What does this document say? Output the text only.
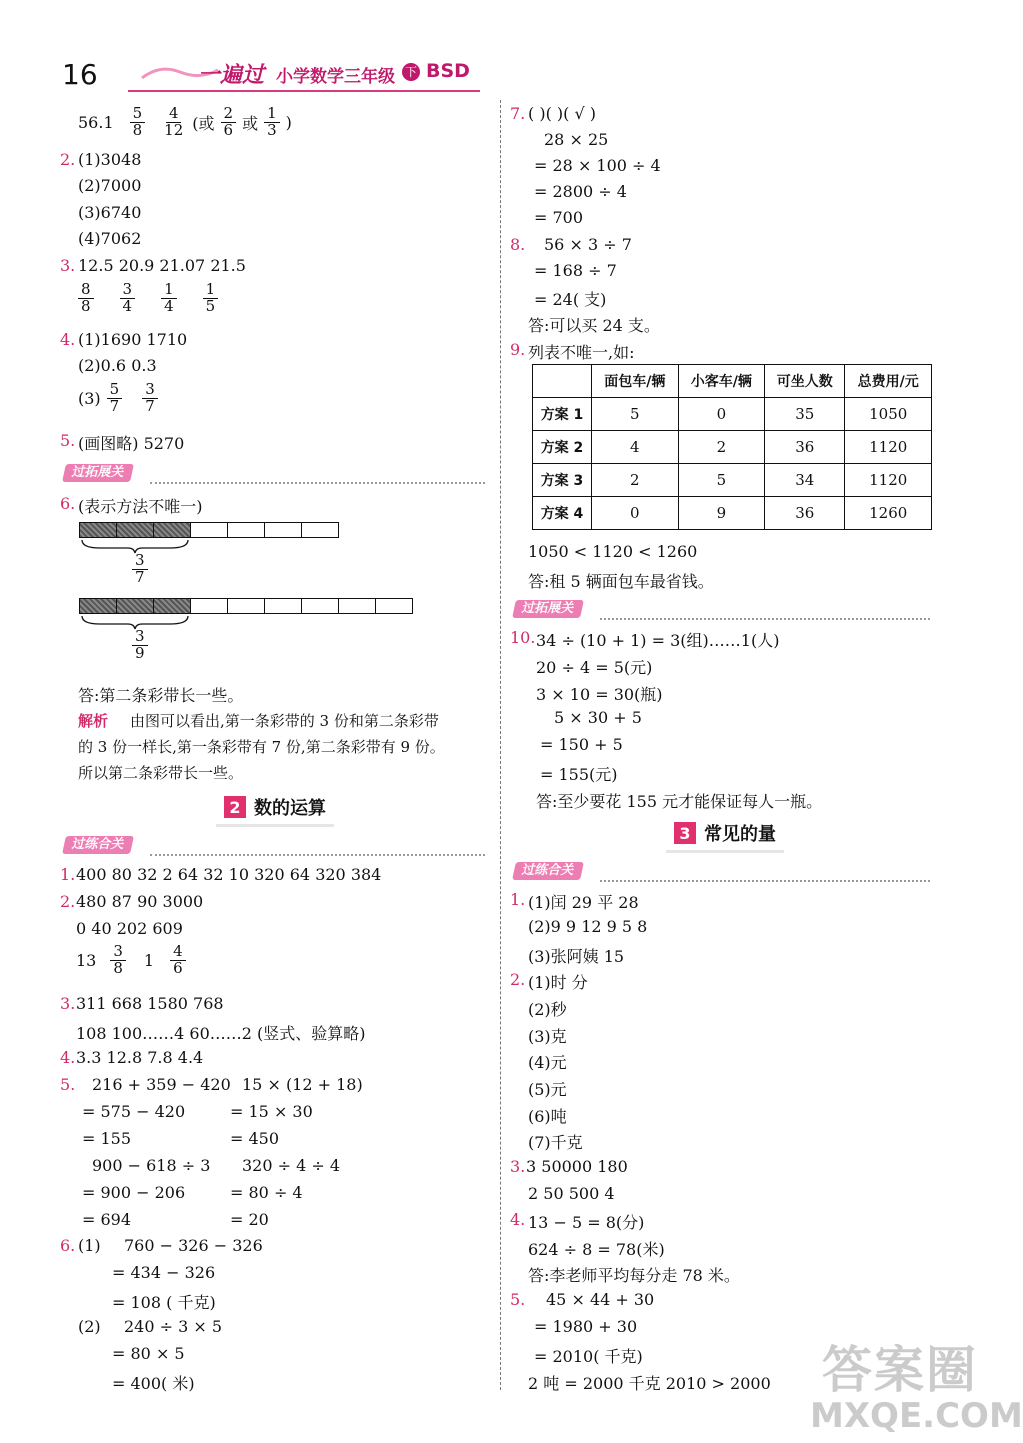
16	一遍过 小学数学三年级 下 BSD
$56.1 \frac{5}{8} \frac{4}{12}$ (或 $\frac{2}{6}$ 或 $\frac{1}{3}$ )
2. (1)3048
(2)7000
(3)6740
(4)7062
3. 12.5 20.9 21.07 21.5
$\frac{8}{8} \frac{3}{4} \frac{1}{4} \frac{1}{5}$
4. (1)1690 1710
(2)0.6 0.3
$(3) \frac{5}{7} \frac{3}{7}$
5. (画图略) 5270
过拓展关
6. (表示方法不唯一)
$\frac{3}{7}$
$\frac{3}{9}$
答:第二条彩带长一些。
解析 由图可以看出,第一条彩带的 3 份和第二条彩带
的 3 份一样长,第一条彩带有 7 份,第二条彩带有 9 份。
所以第二条彩带长一些。
2 数的运算
过练合关
1. 400 80 32 2 64 32 10 320 64 320 384
2. 480 87 90 3000
0 40 202 609
$13 \frac{3}{8} 1 \frac{4}{6}$
3. 311 668 1580 768
108 100……4 60……2 (竖式、验算略)
4. 3.3 12.8 7.8 4.4
5. 216 + 359 − 420
= 575 − 420
= 155
900 − 618 ÷ 3
= 900 − 206
= 694
15 × (12 + 18)
= 15 × 30
= 450
320 ÷ 4 ÷ 4
= 80 ÷ 4
= 20
6. (1) 760 − 326 − 326
= 434 − 326
= 108 ( 千克)
(2) 240 ÷ 3 × 5
= 80 × 5
= 400( 米)
7. ( )( )( √ )
28 × 25
= 28 × 100 ÷ 4
= 2800 ÷ 4
= 700
8. 56 × 3 ÷ 7
= 168 ÷ 7
= 24( 支)
答:可以买 24 支。
9. 列表不唯一,如:
	面包车/辆	小客车/辆	可坐人数	总费用/元
方案 1	5	0	35	1050
方案 2	4	2	36	1120
方案 3	2	5	34	1120
方案 4	0	9	36	1260
1050 < 1120 < 1260
答:租 5 辆面包车最省钱。
过拓展关
10. 34 ÷ (10 + 1) = 3(组)……1(人)
20 ÷ 4 = 5(元)
3 × 10 = 30(瓶)
5 × 30 + 5
= 150 + 5
= 155(元)
答:至少要花 155 元才能保证每人一瓶。
3 常见的量
过练合关
1. (1)闰 29 平 28
(2)9 9 12 9 5 8
(3)张阿姨 15
2. (1)时 分
(2)秒
(3)克
(4)元
(5)元
(6)吨
(7)千克
3. 3 50000 180
2 50 500 4
4. 13 − 5 = 8(分)
624 ÷ 8 = 78(米)
答:李老师平均每分走 78 米。
5. 45 × 44 + 30
= 1980 + 30
= 2010( 千克)
2 吨 = 2000 千克 2010 > 2000 答案圈
MXQE.COM
